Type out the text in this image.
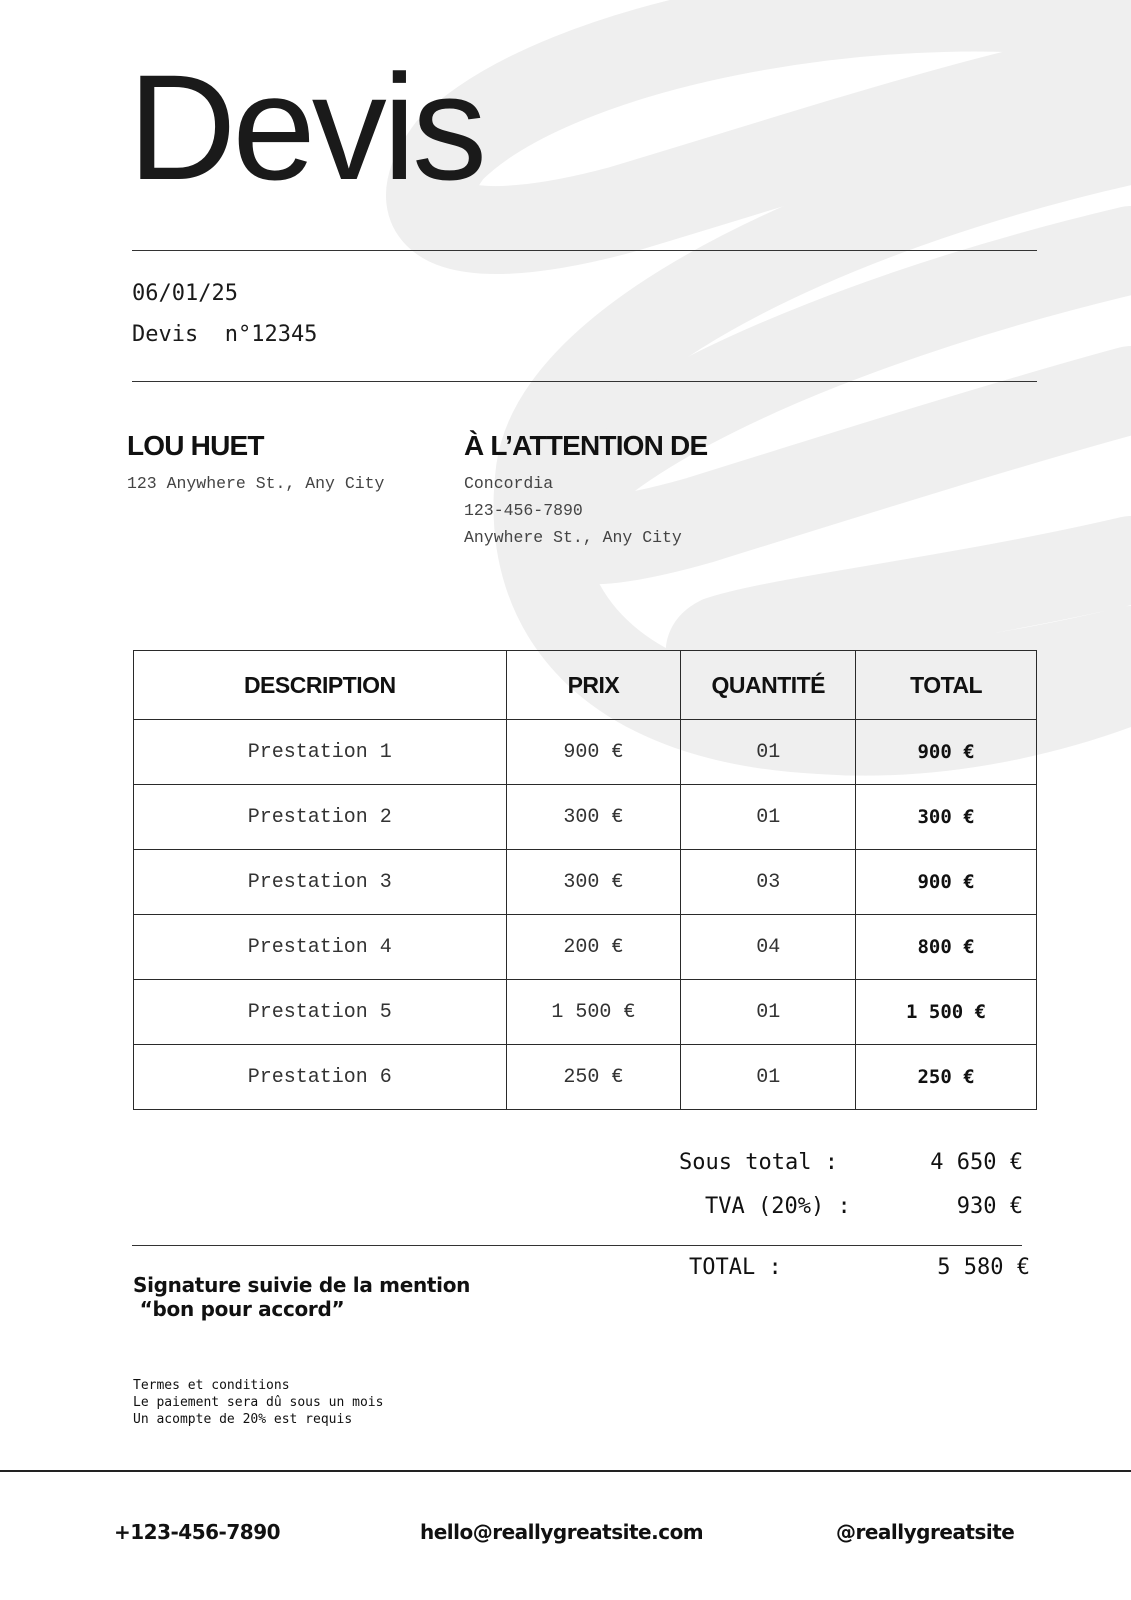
Devis
06/01/25
Devis  n°12345
LOU HUET
123 Anywhere St., Any City
À L’ATTENTION DE
Concordia
123-456-7890
Anywhere St., Any City
DESCRIPTION	PRIX	QUANTITÉ	TOTAL
Prestation 1	900 €	01	900 €
Prestation 2	300 €	01	300 €
Prestation 3	300 €	03	900 €
Prestation 4	200 €	04	800 €
Prestation 5	1 500 €	01	1 500 €
Prestation 6	250 €	01	250 €
Sous total :	4 650 €
TVA (20%) :	930 €
TOTAL :	5 580 €
Signature suivie de la mention
“bon pour accord”
Termes et conditions
Le paiement sera dû sous un mois
Un acompte de 20% est requis
+123-456-7890	hello@reallygreatsite.com	@reallygreatsite
